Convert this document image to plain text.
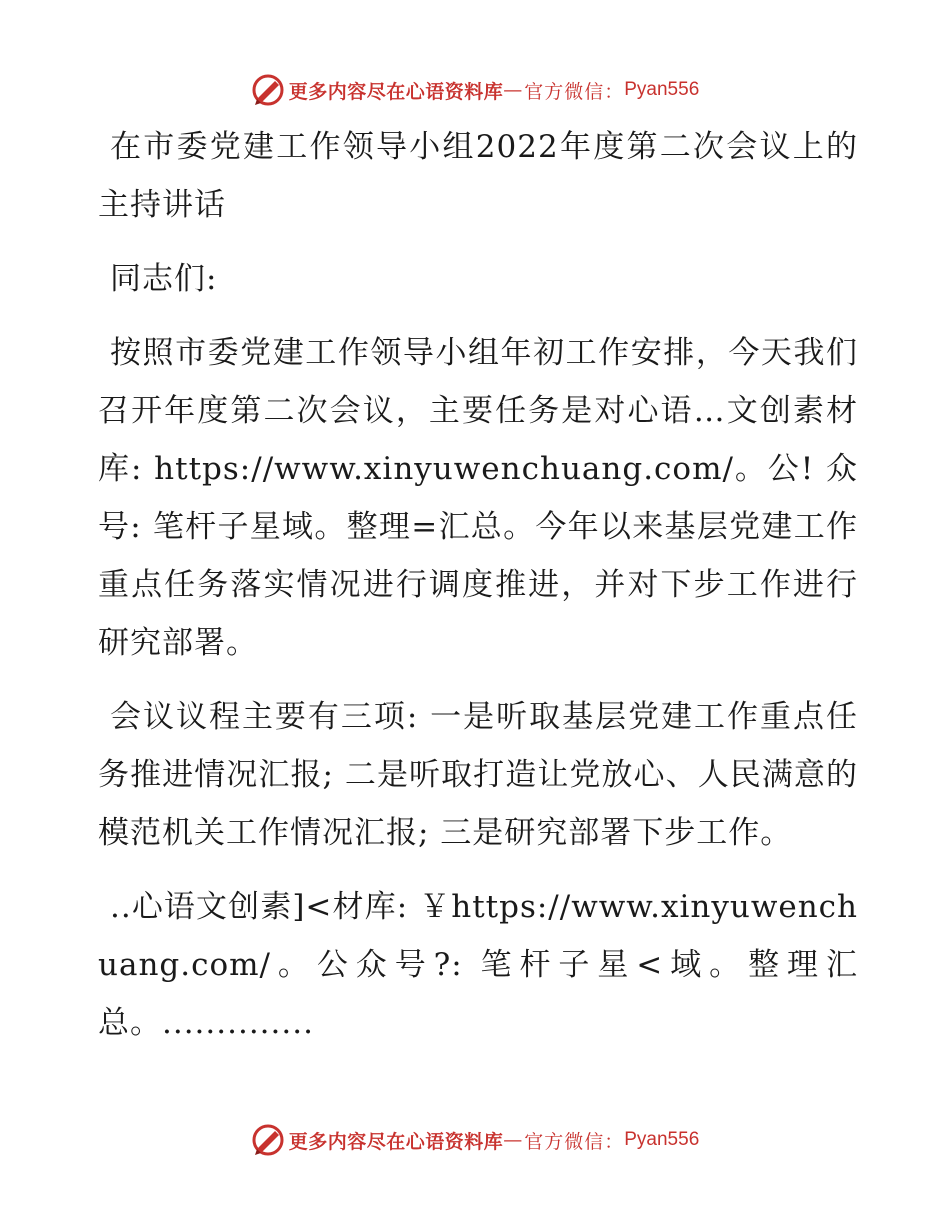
更多内容尽在心语资料库 — 官方微信： Pyan556

在市委党建工作领导小组2022年度第二次会议上的主持讲话

同志们:

按照市委党建工作领导小组年初工作安排，今天我们召开年度第二次会议，主要任务是对心语…文创素材库: https://www.xinyuwenchuang.com/。公! 众号: 笔杆子星域。整理=汇总。今年以来基层党建工作重点任务落实情况进行调度推进，并对下步工作进行研究部署。

会议议程主要有三项: 一是听取基层党建工作重点任务推进情况汇报; 二是听取打造让党放心、人民满意的模范机关工作情况汇报; 三是研究部署下步工作。

..心语文创素]<材库: ￥https://www.xinyuwenchuang.com/。公众号?: 笔杆子星<域。整理汇总。..............

更多内容尽在心语资料库 — 官方微信： Pyan556
